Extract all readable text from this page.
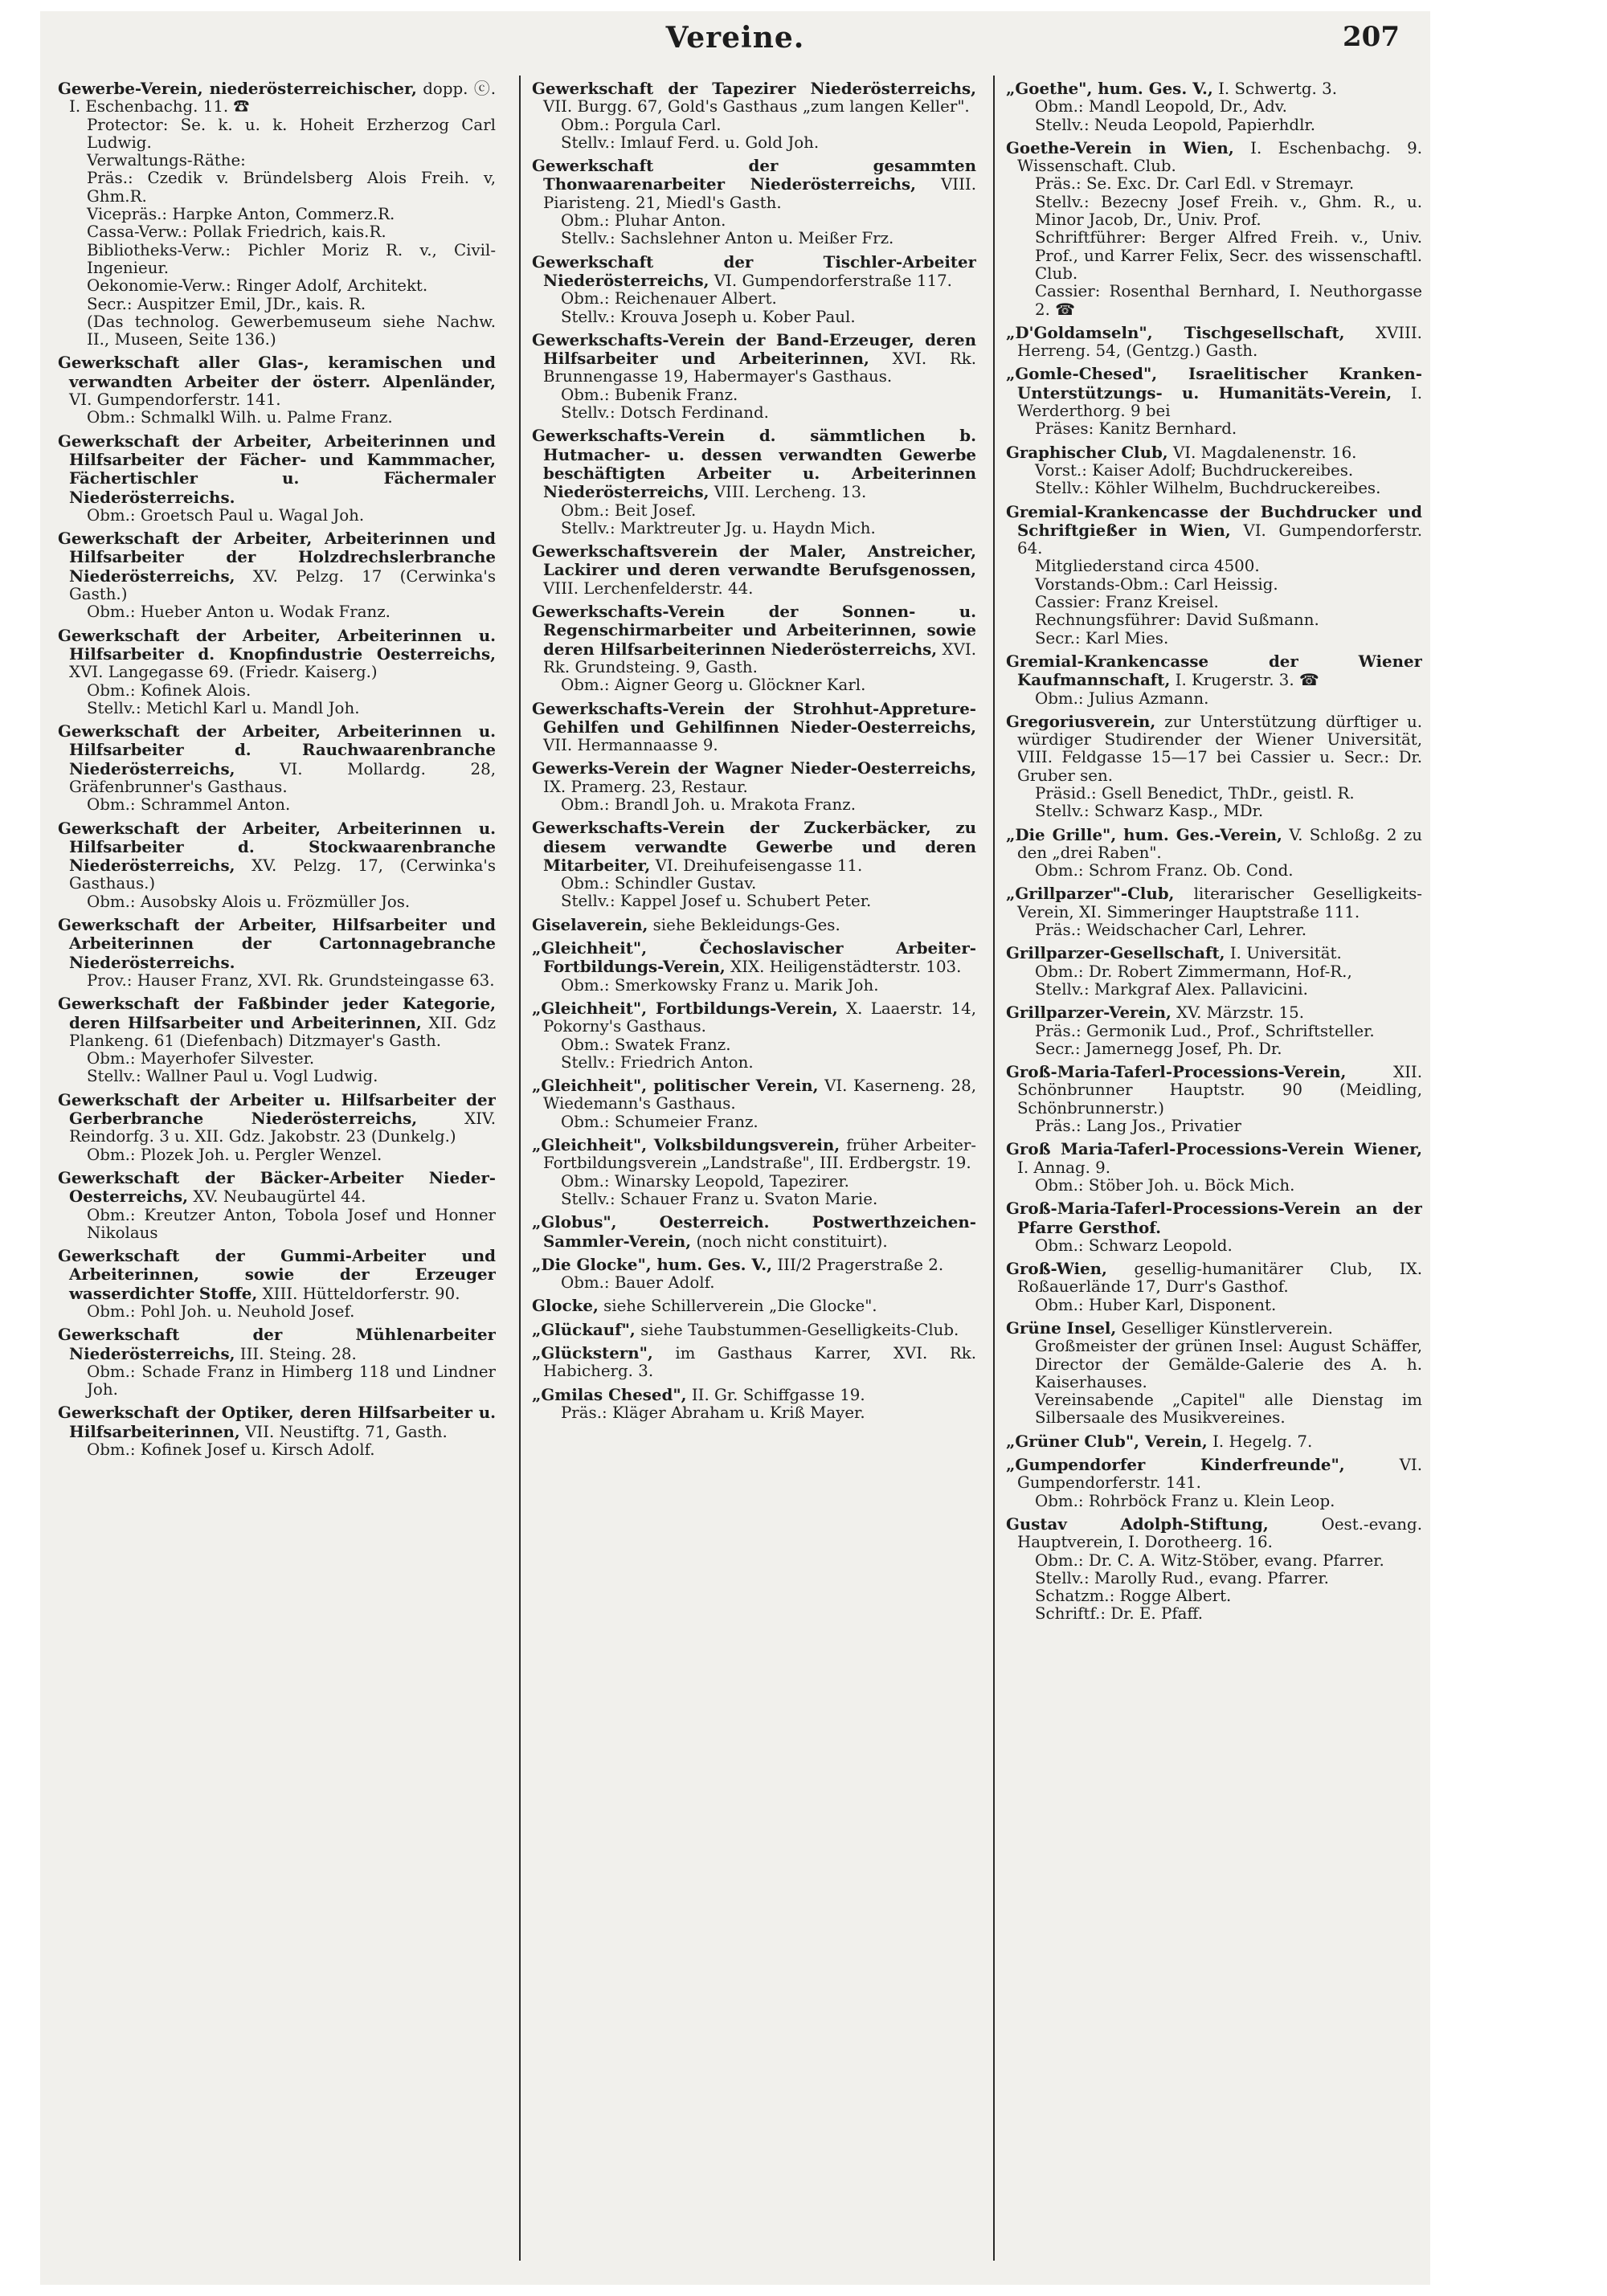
Vereine.	207
Gewerbe-Verein, niederösterreichischer, dopp. ⓒ. I. Eschenbachg. 11. ☎
Protector: Se. k. u. k. Hoheit Erzherzog Carl Ludwig.
Verwaltungs-Räthe:
Präs.: Czedik v. Bründelsberg Alois Freih. v, Ghm.R.
Vicepräs.: Harpke Anton, Commerz.R.
Cassa-Verw.: Pollak Friedrich, kais.R.
Bibliotheks-Verw.: Pichler Moriz R. v., Civil-Ingenieur.
Oekonomie-Verw.: Ringer Adolf, Architekt.
Secr.: Auspitzer Emil, JDr., kais. R.
(Das technolog. Gewerbemuseum siehe Nachw. II., Museen, Seite 136.)
Gewerkschaft aller Glas-, keramischen und verwandten Arbeiter der österr. Alpenländer, VI. Gumpendorferstr. 141.
Obm.: Schmalkl Wilh. u. Palme Franz.
Gewerkschaft der Arbeiter, Arbeiterinnen und Hilfsarbeiter der Fächer- und Kammmacher, Fächertischler u. Fächermaler Niederösterreichs.
Obm.: Groetsch Paul u. Wagal Joh.
Gewerkschaft der Arbeiter, Arbeiterinnen und Hilfsarbeiter der Holzdrechslerbranche Niederösterreichs, XV. Pelzg. 17 (Cerwinka's Gasth.)
Obm.: Hueber Anton u. Wodak Franz.
Gewerkschaft der Arbeiter, Arbeiterinnen u. Hilfsarbeiter d. Knopfindustrie Oesterreichs, XVI. Langegasse 69. (Friedr. Kaiserg.)
Obm.: Kofinek Alois.
Stellv.: Metichl Karl u. Mandl Joh.
Gewerkschaft der Arbeiter, Arbeiterinnen u. Hilfsarbeiter d. Rauchwaarenbranche Niederösterreichs,	VI. Mollardg. 28, Gräfenbrunner's Gasthaus.
Obm.: Schrammel Anton.
Gewerkschaft der Arbeiter, Arbeiterinnen u. Hilfsarbeiter d. Stockwaarenbranche Niederösterreichs, XV. Pelzg. 17, (Cerwinka's Gasthaus.)
Obm.: Ausobsky Alois u. Frözmüller Jos.
Gewerkschaft der Arbeiter, Hilfsarbeiter und Arbeiterinnen der Cartonnagebranche Niederösterreichs.
Prov.: Hauser Franz, XVI. Rk. Grundsteingasse 63.
Gewerkschaft der Faßbinder jeder Kategorie, deren Hilfsarbeiter und Arbeiterinnen, XII. Gdz Plankeng. 61 (Diefenbach) Ditzmayer's Gasth.
Obm.: Mayerhofer Silvester.
Stellv.: Wallner Paul u. Vogl Ludwig.
Gewerkschaft der Arbeiter u. Hilfsarbeiter der Gerberbranche Niederösterreichs,	XIV. Reindorfg. 3 u. XII. Gdz. Jakobstr. 23 (Dunkelg.)
Obm.: Plozek Joh. u. Pergler Wenzel.
Gewerkschaft der Bäcker-Arbeiter Nieder-Oesterreichs, XV. Neubaugürtel 44.
Obm.: Kreutzer Anton, Tobola Josef und Honner Nikolaus
Gewerkschaft der Gummi-Arbeiter und Arbeiterinnen, sowie der Erzeuger wasserdichter Stoffe, XIII. Hütteldorferstr. 90.
Obm.: Pohl Joh. u. Neuhold Josef.
Gewerkschaft der Mühlenarbeiter Niederösterreichs, III. Steing. 28.
Obm.: Schade Franz in Himberg 118 und Lindner Joh.
Gewerkschaft der Optiker, deren Hilfsarbeiter u. Hilfsarbeiterinnen, VII. Neustiftg. 71, Gasth.
Obm.: Kofinek Josef u. Kirsch Adolf.
Gewerkschaft der Tapezirer Niederösterreichs, VII. Burgg. 67, Gold's Gasthaus „zum langen Keller".
Obm.: Porgula Carl.
Stellv.: Imlauf Ferd. u. Gold Joh.
Gewerkschaft der gesammten Thonwaarenarbeiter Niederösterreichs, VIII. Piaristeng. 21, Miedl's Gasth.
Obm.: Pluhar Anton.
Stellv.: Sachslehner Anton u. Meißer Frz.
Gewerkschaft der Tischler-Arbeiter Niederösterreichs, VI. Gumpendorferstraße 117.
Obm.: Reichenauer Albert.
Stellv.: Krouva Joseph u. Kober Paul.
Gewerkschafts-Verein der Band-Erzeuger, deren Hilfsarbeiter und Arbeiterinnen, XVI. Rk. Brunnengasse 19, Habermayer's Gasthaus.
Obm.: Bubenik Franz.
Stellv.: Dotsch Ferdinand.
Gewerkschafts-Verein d. sämmtlichen b. Hutmacher- u. dessen verwandten Gewerbe beschäftigten Arbeiter u. Arbeiterinnen Niederösterreichs, VIII. Lercheng. 13.
Obm.: Beit Josef.
Stellv.: Marktreuter Jg. u. Haydn Mich.
Gewerkschaftsverein der Maler, Anstreicher, Lackirer und deren verwandte Berufsgenossen, VIII. Lerchenfelderstr. 44.
Gewerkschafts-Verein der Sonnen- u. Regenschirmarbeiter und Arbeiterinnen, sowie deren Hilfsarbeiterinnen Niederösterreichs, XVI. Rk. Grundsteing. 9, Gasth.
Obm.: Aigner Georg u. Glöckner Karl.
Gewerkschafts-Verein der Strohhut-Appreture-Gehilfen und Gehilfinnen Nieder-Oesterreichs, VII. Hermannaasse 9.
Gewerks-Verein der Wagner Nieder-Oesterreichs, IX. Pramerg. 23, Restaur.
Obm.: Brandl Joh. u. Mrakota Franz.
Gewerkschafts-Verein der Zuckerbäcker, zu diesem verwandte Gewerbe und deren Mitarbeiter, VI. Dreihufeisengasse 11.
Obm.: Schindler Gustav.
Stellv.: Kappel Josef u. Schubert Peter.
Giselaverein, siehe Bekleidungs-Ges.
„Gleichheit", Čechoslavischer Arbeiter-Fortbildungs-Verein, XIX. Heiligenstädterstr. 103.
Obm.: Smerkowsky Franz u. Marik Joh.
„Gleichheit", Fortbildungs-Verein, X. Laaerstr. 14, Pokorny's Gasthaus.
Obm.: Swatek Franz.
Stellv.: Friedrich Anton.
„Gleichheit", politischer Verein, VI. Kaserneng. 28, Wiedemann's Gasthaus.
Obm.: Schumeier Franz.
„Gleichheit", Volksbildungsverein, früher Arbeiter-Fortbildungsverein „Landstraße", III. Erdbergstr. 19.
Obm.: Winarsky Leopold, Tapezirer.
Stellv.: Schauer Franz u. Svaton Marie.
„Globus", Oesterreich. Postwerthzeichen-Sammler-Verein, (noch nicht constituirt).
„Die Glocke", hum. Ges. V., III/2 Pragerstraße 2.
Obm.: Bauer Adolf.
Glocke, siehe Schillerverein „Die Glocke".
„Glückauf", siehe Taubstummen-Geselligkeits-Club.
„Glückstern", im Gasthaus Karrer, XVI. Rk. Habicherg. 3.
„Gmilas Chesed", II. Gr. Schiffgasse 19.
Präs.: Kläger Abraham u. Kriß Mayer.
„Goethe", hum. Ges. V., I. Schwertg. 3.
Obm.: Mandl Leopold, Dr., Adv.
Stellv.: Neuda Leopold, Papierhdlr.
Goethe-Verein in Wien, I. Eschenbachg. 9. Wissenschaft. Club.
Präs.: Se. Exc. Dr. Carl Edl. v Stremayr.
Stellv.: Bezecny Josef Freih. v., Ghm. R., u. Minor Jacob, Dr., Univ. Prof.
Schriftführer: Berger Alfred Freih. v., Univ. Prof., und Karrer Felix, Secr. des wissenschaftl. Club.
Cassier: Rosenthal Bernhard, I. Neuthorgasse 2. ☎
„D'Goldamseln", Tischgesellschaft, XVIII. Herreng. 54, (Gentzg.) Gasth.
„Gomle-Chesed", Israelitischer Kranken-Unterstützungs- u. Humanitäts-Verein, I. Werderthorg. 9 bei
Präses: Kanitz Bernhard.
Graphischer Club, VI. Magdalenenstr. 16.
Vorst.: Kaiser Adolf; Buchdruckereibes.
Stellv.: Köhler Wilhelm, Buchdruckereibes.
Gremial-Krankencasse der Buchdrucker und Schriftgießer in Wien, VI. Gumpendorferstr. 64.
Mitgliederstand circa 4500.
Vorstands-Obm.: Carl Heissig.
Cassier: Franz Kreisel.
Rechnungsführer: David Sußmann.
Secr.: Karl Mies.
Gremial-Krankencasse der Wiener Kaufmannschaft, I. Krugerstr. 3. ☎
Obm.: Julius Azmann.
Gregoriusverein, zur Unterstützung dürftiger u. würdiger Studirender der Wiener Universität, VIII. Feldgasse 15—17 bei Cassier u. Secr.: Dr. Gruber sen.
Präsid.: Gsell Benedict, ThDr., geistl. R.
Stellv.: Schwarz Kasp., MDr.
„Die Grille", hum. Ges.-Verein, V. Schloßg. 2 zu den „drei Raben".
Obm.: Schrom Franz. Ob. Cond.
„Grillparzer"-Club, literarischer Geselligkeits-Verein, XI. Simmeringer Hauptstraße 111.
Präs.: Weidschacher Carl, Lehrer.
Grillparzer-Gesellschaft, I. Universität.
Obm.: Dr. Robert Zimmermann, Hof-R.,
Stellv.: Markgraf Alex. Pallavicini.
Grillparzer-Verein, XV. Märzstr. 15.
Präs.: Germonik Lud., Prof., Schriftsteller.
Secr.: Jamernegg Josef, Ph. Dr.
Groß-Maria-Taferl-Processions-Verein,	XII. Schönbrunner Hauptstr. 90 (Meidling, Schönbrunnerstr.)
Präs.: Lang Jos., Privatier
Groß Maria-Taferl-Processions-Verein Wiener, I. Annag. 9.
Obm.: Stöber Joh. u. Böck Mich.
Groß-Maria-Taferl-Processions-Verein an der Pfarre Gersthof.
Obm.: Schwarz Leopold.
Groß-Wien, gesellig-humanitärer Club, IX. Roßauerlände 17, Durr's Gasthof.
Obm.: Huber Karl, Disponent.
Grüne Insel, Geselliger Künstlerverein.
Großmeister der grünen Insel: August Schäffer, Director der Gemälde-Galerie des A. h. Kaiserhauses.
Vereinsabende „Capitel" alle Dienstag im Silbersaale des Musikvereines.
„Grüner Club", Verein, I. Hegelg. 7.
„Gumpendorfer Kinderfreunde",	VI. Gumpendorferstr. 141.
Obm.: Rohrböck Franz u. Klein Leop.
Gustav Adolph-Stiftung,	Oest.-evang. Hauptverein, I. Dorotheerg. 16.
Obm.: Dr. C. A. Witz-Stöber, evang. Pfarrer.
Stellv.: Marolly Rud., evang. Pfarrer.
Schatzm.: Rogge Albert.
Schriftf.: Dr. E. Pfaff.
